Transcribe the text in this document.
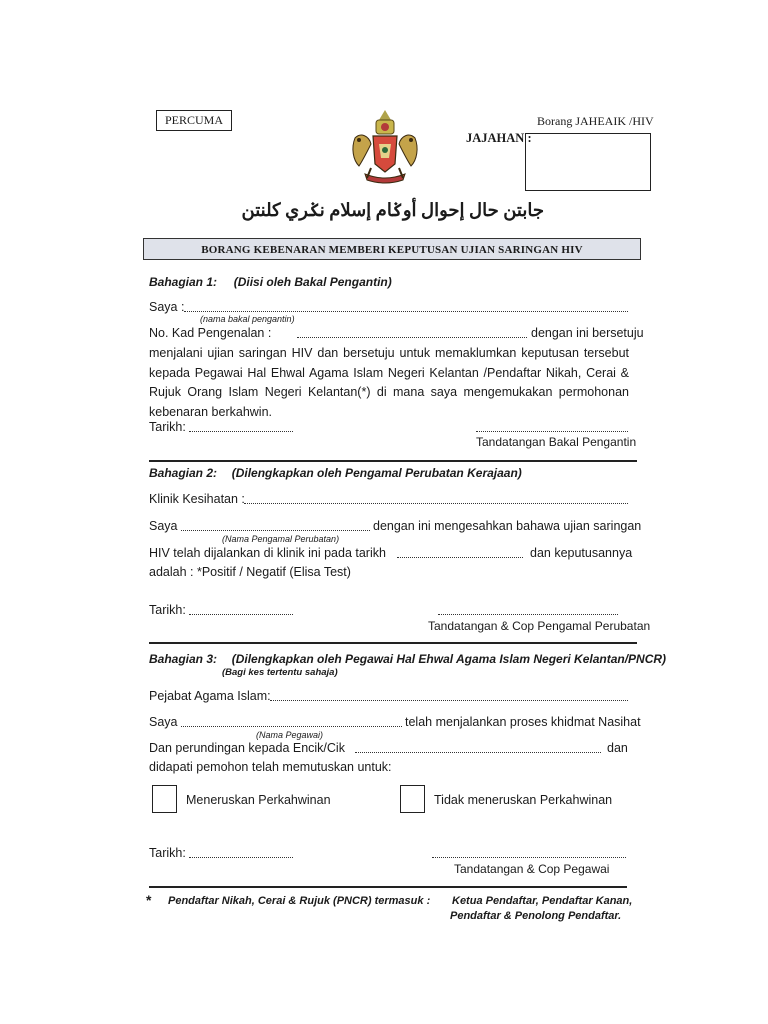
PERCUMA	Borang JAHEAIK /HIV
JAJAHAN :
جابتن حال إحوال أوݢام إسلام نݢري كلنتن
BORANG KEBENARAN MEMBERI KEPUTUSAN UJIAN SARINGAN HIV
Bahagian 1: (Diisi oleh Bakal Pengantin)
Saya :
(nama bakal pengantin)
No. Kad Pengenalan :	dengan ini bersetuju
menjalani ujian saringan HIV dan bersetuju untuk memaklumkan keputusan tersebut kepada Pegawai Hal Ehwal Agama Islam Negeri Kelantan /Pendaftar Nikah, Cerai & Rujuk Orang Islam Negeri Kelantan(*) di mana saya mengemukakan permohonan kebenaran berkahwin.
Tarikh:
Tandatangan Bakal Pengantin
Bahagian 2: (Dilengkapkan oleh Pengamal Perubatan Kerajaan)
Klinik Kesihatan :
Saya	dengan ini mengesahkan bahawa ujian saringan
(Nama Pengamal Perubatan)
HIV telah dijalankan di klinik ini pada tarikh	dan keputusannya
adalah : *Positif / Negatif (Elisa Test)
Tarikh:
Tandatangan & Cop Pengamal Perubatan
Bahagian 3: (Dilengkapkan oleh Pegawai Hal Ehwal Agama Islam Negeri Kelantan/PNCR)
(Bagi kes tertentu sahaja)
Pejabat Agama Islam:
Saya	telah menjalankan proses khidmat Nasihat
(Nama Pegawai)
Dan perundingan kepada Encik/Cik	dan
didapati pemohon telah memutuskan untuk:
Meneruskan Perkahwinan	Tidak meneruskan Perkahwinan
Tarikh:
Tandatangan & Cop Pegawai
* Pendaftar Nikah, Cerai & Rujuk (PNCR) termasuk : Ketua Pendaftar, Pendaftar Kanan,
Pendaftar & Penolong Pendaftar.
